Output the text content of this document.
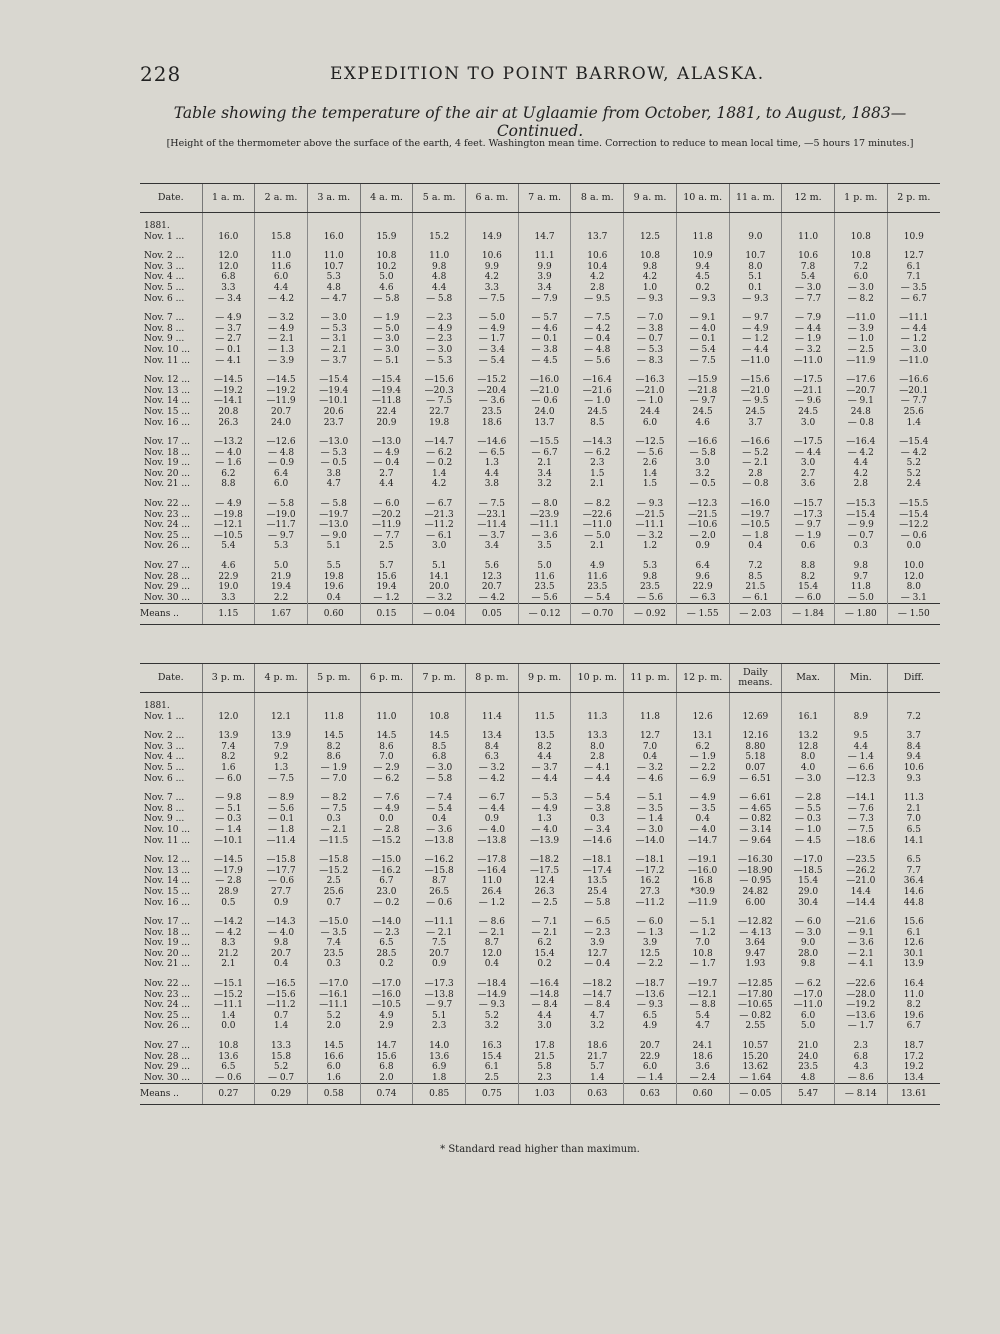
228	EXPEDITION TO POINT BARROW, ALASKA.
Table showing the temperature of the air at Uglaamie from October, 1881, to August, 1883—Continued.
[Height of the thermometer above the surface of the earth, 4 feet. Washington mean time. Correction to reduce to mean local time, —5 hours 17 minutes.]
Date.	1 a. m.	2 a. m.	3 a. m.	4 a. m.	5 a. m.	6 a. m.	7 a. m.	8 a. m.	9 a. m.	10 a. m.	11 a. m.	12 m.	1 p. m.	2 p. m.
1881.														
Nov. 1 ...	16.0	15.8	16.0	15.9	15.2	14.9	14.7	13.7	12.5	11.8	9.0	11.0	10.8	10.9
Nov. 2 ...	12.0	11.0	11.0	10.8	11.0	10.6	11.1	10.6	10.8	10.9	10.7	10.6	10.8	12.7
Nov. 3 ...	12.0	11.6	10.7	10.2	9.8	9.9	9.9	10.4	9.8	9.4	8.0	7.8	7.2	6.1
Nov. 4 ...	6.8	6.0	5.3	5.0	4.8	4.2	3.9	4.2	4.2	4.5	5.1	5.4	6.0	7.1
Nov. 5 ...	3.3	4.4	4.8	4.6	4.4	3.3	3.4	2.8	1.0	0.2	0.1	— 3.0	— 3.0	— 3.5
Nov. 6 ...	— 3.4	— 4.2	— 4.7	— 5.8	— 5.8	— 7.5	— 7.9	— 9.5	— 9.3	— 9.3	— 9.3	— 7.7	— 8.2	— 6.7
Nov. 7 ...	— 4.9	— 3.2	— 3.0	— 1.9	— 2.3	— 5.0	— 5.7	— 7.5	— 7.0	— 9.1	— 9.7	— 7.9	—11.0	—11.1
Nov. 8 ...	— 3.7	— 4.9	— 5.3	— 5.0	— 4.9	— 4.9	— 4.6	— 4.2	— 3.8	— 4.0	— 4.9	— 4.4	— 3.9	— 4.4
Nov. 9 ...	— 2.7	— 2.1	— 3.1	— 3.0	— 2.3	— 1.7	— 0.1	— 0.4	— 0.7	— 0.1	— 1.2	— 1.9	— 1.0	— 1.2
Nov. 10 ...	— 0.1	— 1.3	— 2.1	— 3.0	— 3.0	— 3.4	— 3.8	— 4.8	— 5.3	— 5.4	— 4.4	— 3.2	— 2.5	— 3.0
Nov. 11 ...	— 4.1	— 3.9	— 3.7	— 5.1	— 5.3	— 5.4	— 4.5	— 5.6	— 8.3	— 7.5	—11.0	—11.0	—11.9	—11.0
Nov. 12 ...	—14.5	—14.5	—15.4	—15.4	—15.6	—15.2	—16.0	—16.4	—16.3	—15.9	—15.6	—17.5	—17.6	—16.6
Nov. 13 ...	—19.2	—19.2	—19.4	—19.4	—20.3	—20.4	—21.0	—21.6	—21.0	—21.8	—21.0	—21.1	—20.7	—20.1
Nov. 14 ...	—14.1	—11.9	—10.1	—11.8	— 7.5	— 3.6	— 0.6	— 1.0	— 1.0	— 9.7	— 9.5	— 9.6	— 9.1	— 7.7
Nov. 15 ...	20.8	20.7	20.6	22.4	22.7	23.5	24.0	24.5	24.4	24.5	24.5	24.5	24.8	25.6
Nov. 16 ...	26.3	24.0	23.7	20.9	19.8	18.6	13.7	8.5	6.0	4.6	3.7	3.0	— 0.8	1.4
Nov. 17 ...	—13.2	—12.6	—13.0	—13.0	—14.7	—14.6	—15.5	—14.3	—12.5	—16.6	—16.6	—17.5	—16.4	—15.4
Nov. 18 ...	— 4.0	— 4.8	— 5.3	— 4.9	— 6.2	— 6.5	— 6.7	— 6.2	— 5.6	— 5.8	— 5.2	— 4.4	— 4.2	— 4.2
Nov. 19 ...	— 1.6	— 0.9	— 0.5	— 0.4	— 0.2	1.3	2.1	2.3	2.6	3.0	— 2.1	3.0	4.4	5.2
Nov. 20 ...	6.2	6.4	3.8	2.7	1.4	4.4	3.4	1.5	1.4	3.2	2.8	2.7	4.2	5.2
Nov. 21 ...	8.8	6.0	4.7	4.4	4.2	3.8	3.2	2.1	1.5	— 0.5	— 0.8	3.6	2.8	2.4
Nov. 22 ...	— 4.9	— 5.8	— 5.8	— 6.0	— 6.7	— 7.5	— 8.0	— 8.2	— 9.3	—12.3	—16.0	—15.7	—15.3	—15.5
Nov. 23 ...	—19.8	—19.0	—19.7	—20.2	—21.3	—23.1	—23.9	—22.6	—21.5	—21.5	—19.7	—17.3	—15.4	—15.4
Nov. 24 ...	—12.1	—11.7	—13.0	—11.9	—11.2	—11.4	—11.1	—11.0	—11.1	—10.6	—10.5	— 9.7	— 9.9	—12.2
Nov. 25 ...	—10.5	— 9.7	— 9.0	— 7.7	— 6.1	— 3.7	— 3.6	— 5.0	— 3.2	— 2.0	— 1.8	— 1.9	— 0.7	— 0.6
Nov. 26 ...	5.4	5.3	5.1	2.5	3.0	3.4	3.5	2.1	1.2	0.9	0.4	0.6	0.3	0.0
Nov. 27 ...	4.6	5.0	5.5	5.7	5.1	5.6	5.0	4.9	5.3	6.4	7.2	8.8	9.8	10.0
Nov. 28 ...	22.9	21.9	19.8	15.6	14.1	12.3	11.6	11.6	9.8	9.6	8.5	8.2	9.7	12.0
Nov. 29 ...	19.0	19.4	19.6	19.4	20.0	20.7	23.5	23.5	23.5	22.9	21.5	15.4	11.8	8.0
Nov. 30 ...	3.3	2.2	0.4	— 1.2	— 3.2	— 4.2	— 5.6	— 5.4	— 5.6	— 6.3	— 6.1	— 6.0	— 5.0	— 3.1
Means ..	1.15	1.67	0.60	0.15	— 0.04	0.05	— 0.12	— 0.70	— 0.92	— 1.55	— 2.03	— 1.84	— 1.80	— 1.50
Date.	3 p. m.	4 p. m.	5 p. m.	6 p. m.	7 p. m.	8 p. m.	9 p. m.	10 p. m.	11 p. m.	12 p. m.	Daily means.	Max.	Min.	Diff.
1881.														
Nov. 1 ...	12.0	12.1	11.8	11.0	10.8	11.4	11.5	11.3	11.8	12.6	12.69	16.1	8.9	7.2
Nov. 2 ...	13.9	13.9	14.5	14.5	14.5	13.4	13.5	13.3	12.7	13.1	12.16	13.2	9.5	3.7
Nov. 3 ...	7.4	7.9	8.2	8.6	8.5	8.4	8.2	8.0	7.0	6.2	8.80	12.8	4.4	8.4
Nov. 4 ...	8.2	9.2	8.6	7.0	6.8	6.3	4.4	2.8	0.4	— 1.9	5.18	8.0	— 1.4	9.4
Nov. 5 ...	1.6	1.3	— 1.9	— 2.9	— 3.0	— 3.2	— 3.7	— 4.1	— 3.2	— 2.2	0.07	4.0	— 6.6	10.6
Nov. 6 ...	— 6.0	— 7.5	— 7.0	— 6.2	— 5.8	— 4.2	— 4.4	— 4.4	— 4.6	— 6.9	— 6.51	— 3.0	—12.3	9.3
Nov. 7 ...	— 9.8	— 8.9	— 8.2	— 7.6	— 7.4	— 6.7	— 5.3	— 5.4	— 5.1	— 4.9	— 6.61	— 2.8	—14.1	11.3
Nov. 8 ...	— 5.1	— 5.6	— 7.5	— 4.9	— 5.4	— 4.4	— 4.9	— 3.8	— 3.5	— 3.5	— 4.65	— 5.5	— 7.6	2.1
Nov. 9 ...	— 0.3	— 0.1	0.3	0.0	0.4	0.9	1.3	0.3	— 1.4	0.4	— 0.82	— 0.3	— 7.3	7.0
Nov. 10 ...	— 1.4	— 1.8	— 2.1	— 2.8	— 3.6	— 4.0	— 4.0	— 3.4	— 3.0	— 4.0	— 3.14	— 1.0	— 7.5	6.5
Nov. 11 ...	—10.1	—11.4	—11.5	—15.2	—13.8	—13.8	—13.9	—14.6	—14.0	—14.7	— 9.64	— 4.5	—18.6	14.1
Nov. 12 ...	—14.5	—15.8	—15.8	—15.0	—16.2	—17.8	—18.2	—18.1	—18.1	—19.1	—16.30	—17.0	—23.5	6.5
Nov. 13 ...	—17.9	—17.7	—15.2	—16.2	—15.8	—16.4	—17.5	—17.4	—17.2	—16.0	—18.90	—18.5	—26.2	7.7
Nov. 14 ...	— 2.8	— 0.6	2.5	6.7	8.7	11.0	12.4	13.5	16.2	16.8	— 0.95	15.4	—21.0	36.4
Nov. 15 ...	28.9	27.7	25.6	23.0	26.5	26.4	26.3	25.4	27.3	*30.9	24.82	29.0	14.4	14.6
Nov. 16 ...	0.5	0.9	0.7	— 0.2	— 0.6	— 1.2	— 2.5	— 5.8	—11.2	—11.9	6.00	30.4	—14.4	44.8
Nov. 17 ...	—14.2	—14.3	—15.0	—14.0	—11.1	— 8.6	— 7.1	— 6.5	— 6.0	— 5.1	—12.82	— 6.0	—21.6	15.6
Nov. 18 ...	— 4.2	— 4.0	— 3.5	— 2.3	— 2.1	— 2.1	— 2.1	— 2.3	— 1.3	— 1.2	— 4.13	— 3.0	— 9.1	6.1
Nov. 19 ...	8.3	9.8	7.4	6.5	7.5	8.7	6.2	3.9	3.9	7.0	3.64	9.0	— 3.6	12.6
Nov. 20 ...	21.2	20.7	23.5	28.5	20.7	12.0	15.4	12.7	12.5	10.8	9.47	28.0	— 2.1	30.1
Nov. 21 ...	2.1	0.4	0.3	0.2	0.9	0.4	0.2	— 0.4	— 2.2	— 1.7	1.93	9.8	— 4.1	13.9
Nov. 22 ...	—15.1	—16.5	—17.0	—17.0	—17.3	—18.4	—16.4	—18.2	—18.7	—19.7	—12.85	— 6.2	—22.6	16.4
Nov. 23 ...	—15.2	—15.6	—16.1	—16.0	—13.8	—14.9	—14.8	—14.7	—13.6	—12.1	—17.80	—17.0	—28.0	11.0
Nov. 24 ...	—11.1	—11.2	—11.1	—10.5	— 9.7	— 9.3	— 8.4	— 8.4	— 9.3	— 8.8	—10.65	—11.0	—19.2	8.2
Nov. 25 ...	1.4	0.7	5.2	4.9	5.1	5.2	4.4	4.7	6.5	5.4	— 0.82	6.0	—13.6	19.6
Nov. 26 ...	0.0	1.4	2.0	2.9	2.3	3.2	3.0	3.2	4.9	4.7	2.55	5.0	— 1.7	6.7
Nov. 27 ...	10.8	13.3	14.5	14.7	14.0	16.3	17.8	18.6	20.7	24.1	10.57	21.0	2.3	18.7
Nov. 28 ...	13.6	15.8	16.6	15.6	13.6	15.4	21.5	21.7	22.9	18.6	15.20	24.0	6.8	17.2
Nov. 29 ...	6.5	5.2	6.0	6.8	6.9	6.1	5.8	5.7	6.0	3.6	13.62	23.5	4.3	19.2
Nov. 30 ...	— 0.6	— 0.7	1.6	2.0	1.8	2.5	2.3	1.4	— 1.4	— 2.4	— 1.64	4.8	— 8.6	13.4
Means ..	0.27	0.29	0.58	0.74	0.85	0.75	1.03	0.63	0.63	0.60	— 0.05	5.47	— 8.14	13.61
* Standard read higher than maximum.
